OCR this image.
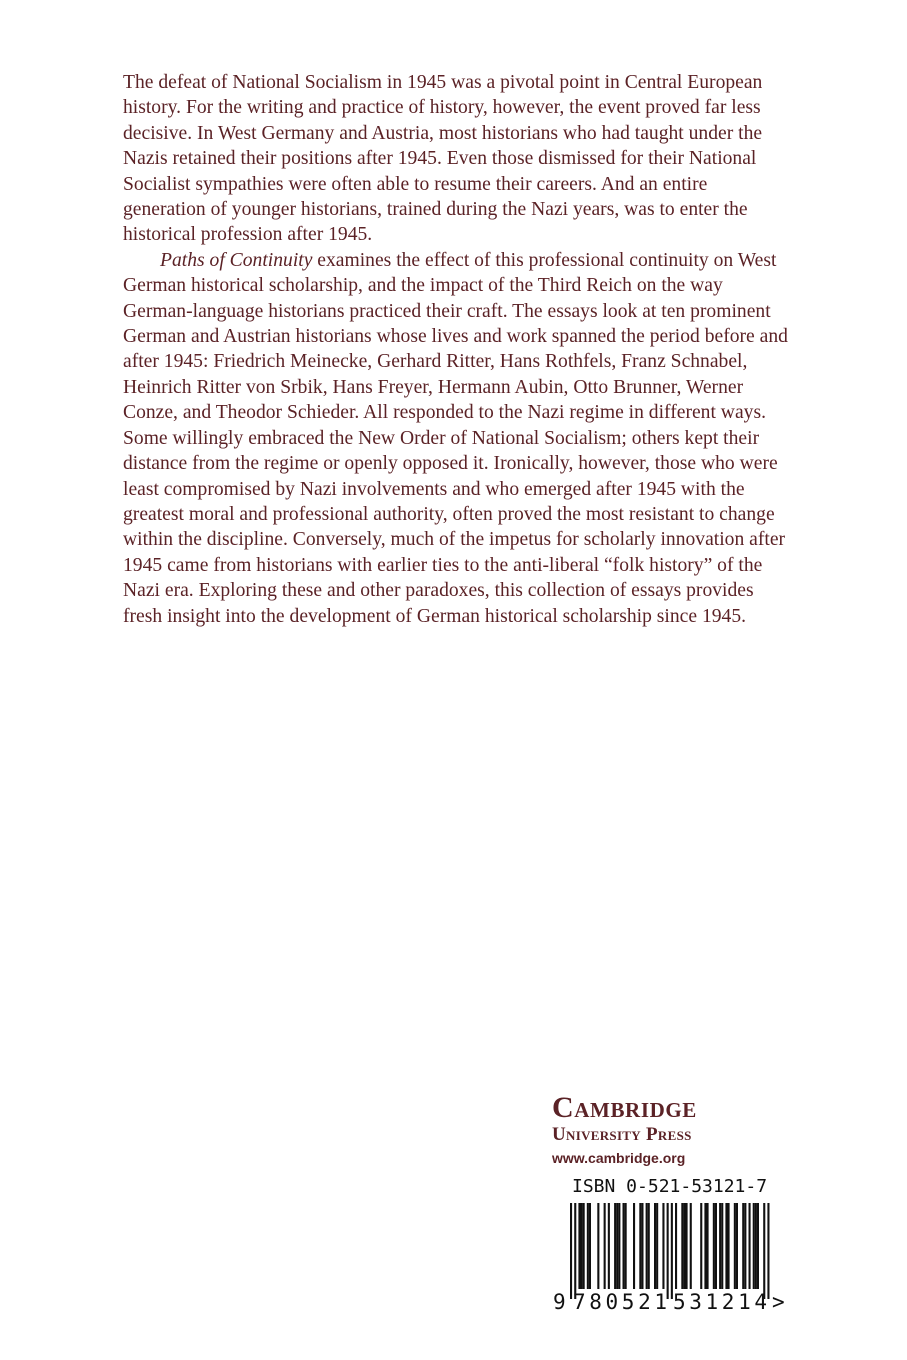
The defeat of National Socialism in 1945 was a pivotal point in Central European history. For the writing and practice of history, however, the event proved far less decisive. In West Germany and Austria, most historians who had taught under the Nazis retained their positions after 1945. Even those dismissed for their National Socialist sympathies were often able to resume their careers. And an entire generation of younger historians, trained during the Nazi years, was to enter the historical profession after 1945.

Paths of Continuity examines the effect of this professional continuity on West German historical scholarship, and the impact of the Third Reich on the way German-language historians practiced their craft. The essays look at ten prominent German and Austrian historians whose lives and work spanned the period before and after 1945: Friedrich Meinecke, Gerhard Ritter, Hans Rothfels, Franz Schnabel, Heinrich Ritter von Srbik, Hans Freyer, Hermann Aubin, Otto Brunner, Werner Conze, and Theodor Schieder. All responded to the Nazi regime in different ways. Some willingly embraced the New Order of National Socialism; others kept their distance from the regime or openly opposed it. Ironically, however, those who were least compromised by Nazi involvements and who emerged after 1945 with the greatest moral and professional authority, often proved the most resistant to change within the discipline. Conversely, much of the impetus for scholarly innovation after 1945 came from historians with earlier ties to the anti-liberal “folk history” of the Nazi era. Exploring these and other paradoxes, this collection of essays provides fresh insight into the development of German historical scholarship since 1945.

Cambridge
University Press
www.cambridge.org
ISBN 0-521-53121-7
9 780521 531214 >
